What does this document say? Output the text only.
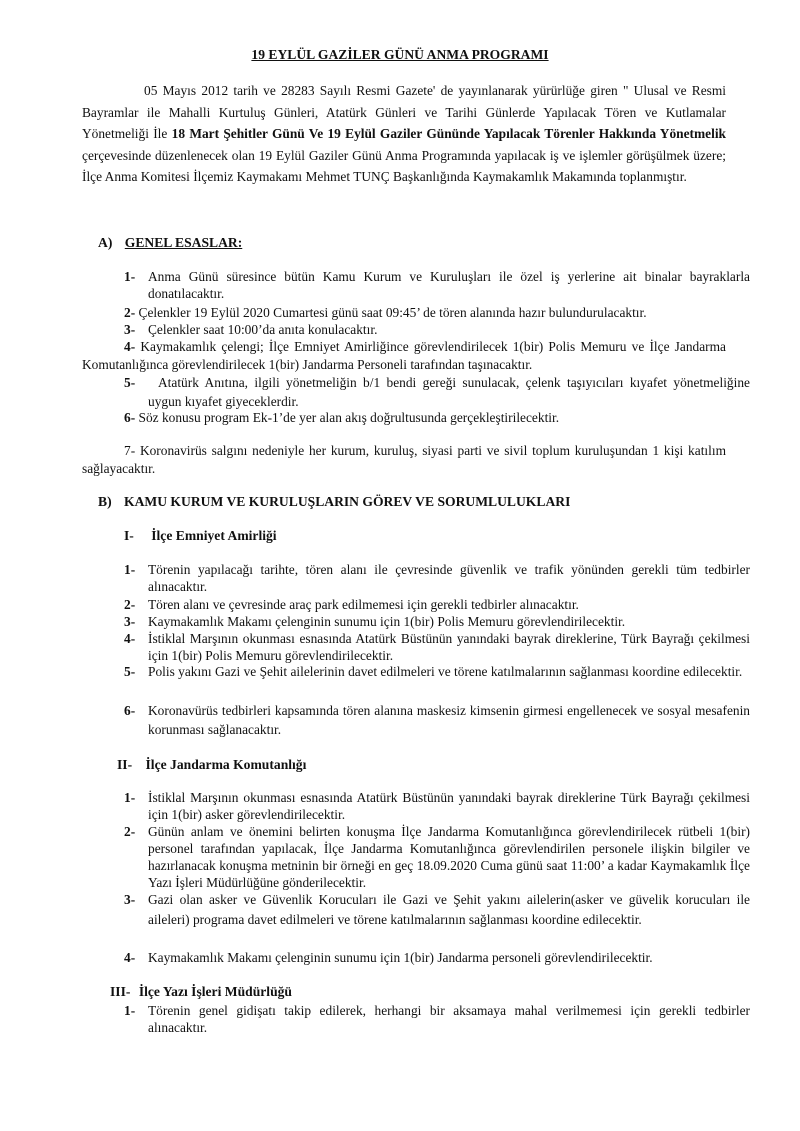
19 EYLÜL GAZİLER GÜNÜ ANMA PROGRAMI
05 Mayıs 2012 tarih ve 28283 Sayılı Resmi Gazete' de yayınlanarak yürürlüğe giren " Ulusal ve Resmi Bayramlar ile Mahalli Kurtuluş Günleri, Atatürk Günleri ve Tarihi Günlerde Yapılacak Tören ve Kutlamalar Yönetmeliği İle 18 Mart Şehitler Günü Ve 19 Eylül Gaziler Gününde Yapılacak Törenler Hakkında Yönetmelik çerçevesinde düzenlenecek olan 19 Eylül Gaziler Günü Anma Programında yapılacak iş ve işlemler görüşülmek üzere; İlçe Anma Komitesi İlçemiz Kaymakamı Mehmet TUNÇ Başkanlığında Kaymakamlık Makamında toplanmıştır.
A) GENEL ESASLAR:
1- Anma Günü süresince bütün Kamu Kurum ve Kuruluşları ile özel iş yerlerine ait binalar bayraklarla donatılacaktır.
2- Çelenkler 19 Eylül 2020 Cumartesi günü saat 09:45’ de tören alanında hazır bulundurulacaktır.
3- Çelenkler saat 10:00’da anıta konulacaktır.
4- Kaymakamlık çelengi; İlçe Emniyet Amirliğince görevlendirilecek 1(bir) Polis Memuru ve İlçe Jandarma Komutanlığınca görevlendirilecek 1(bir) Jandarma Personeli tarafından taşınacaktır.
5- Atatürk Anıtına, ilgili yönetmeliğin b/1 bendi gereği sunulacak, çelenk taşıyıcıları kıyafet yönetmeliğine uygun kıyafet giyeceklerdir.
6- Söz konusu program Ek-1’de yer alan akış doğrultusunda gerçekleştirilecektir.
7- Koronavirüs salgını nedeniyle her kurum, kuruluş, siyasi parti ve sivil toplum kuruluşundan 1 kişi katılım sağlayacaktır.
B) KAMU KURUM VE KURULUŞLARIN GÖREV VE SORUMLULUKLARI
I- İlçe Emniyet Amirliği
1- Törenin yapılacağı tarihte, tören alanı ile çevresinde güvenlik ve trafik yönünden gerekli tüm tedbirler alınacaktır.
2- Tören alanı ve çevresinde araç park edilmemesi için gerekli tedbirler alınacaktır.
3- Kaymakamlık Makamı çelenginin sunumu için 1(bir) Polis Memuru görevlendirilecektir.
4- İstiklal Marşının okunması esnasında Atatürk Büstünün yanındaki bayrak direklerine, Türk Bayrağı çekilmesi için 1(bir) Polis Memuru görevlendirilecektir.
5- Polis yakını Gazi ve Şehit ailelerinin davet edilmeleri ve törene katılmalarının sağlanması koordine edilecektir.
6- Koronavürüs tedbirleri kapsamında tören alanına maskesiz kimsenin girmesi engellenecek ve sosyal mesafenin korunması sağlanacaktır.
II- İlçe Jandarma Komutanlığı
1- İstiklal Marşının okunması esnasında Atatürk Büstünün yanındaki bayrak direklerine Türk Bayrağı çekilmesi için 1(bir) asker görevlendirilecektir.
2- Günün anlam ve önemini belirten konuşma İlçe Jandarma Komutanlığınca görevlendirilecek rütbeli 1(bir) personel tarafından yapılacak, İlçe Jandarma Komutanlığınca görevlendirilen personele ilişkin bilgiler ve hazırlanacak konuşma metninin bir örneği en geç 18.09.2020 Cuma günü saat 11:00’ a kadar Kaymakamlık İlçe Yazı İşleri Müdürlüğüne gönderilecektir.
3- Gazi olan asker ve Güvenlik Korucuları ile Gazi ve Şehit yakını ailelerin(asker ve güvelik korucuları ile aileleri) programa davet edilmeleri ve törene katılmalarının sağlanması koordine edilecektir.
4- Kaymakamlık Makamı çelenginin sunumu için 1(bir) Jandarma personeli görevlendirilecektir.
III- İlçe Yazı İşleri Müdürlüğü
1- Törenin genel gidişatı takip edilerek, herhangi bir aksamaya mahal verilmemesi için gerekli tedbirler alınacaktır.
